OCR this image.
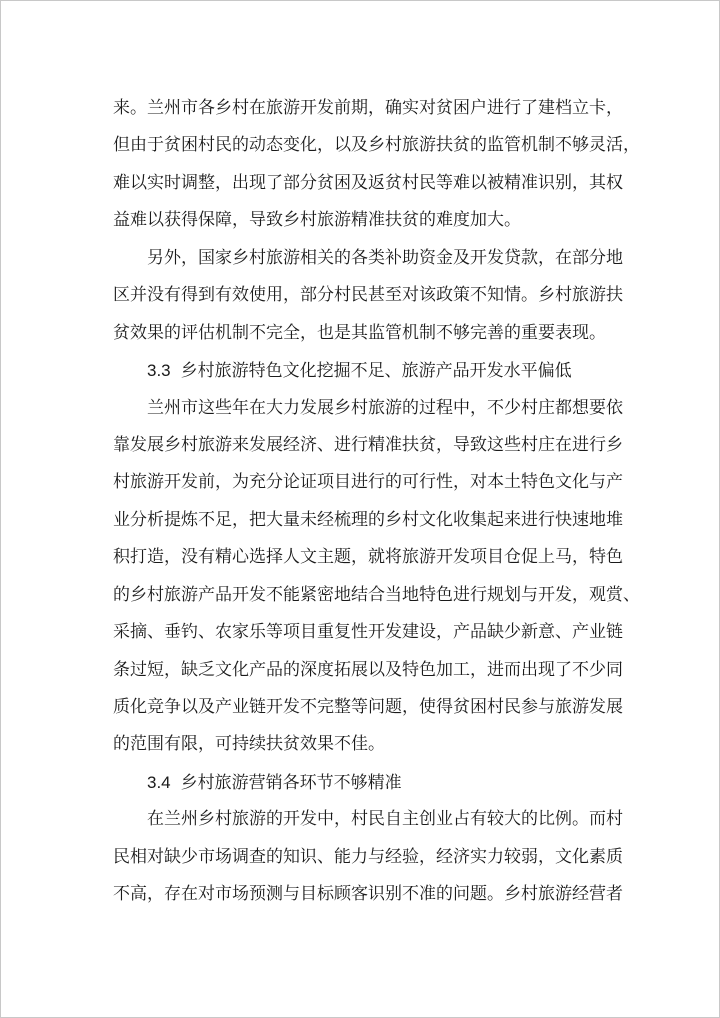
来。兰州市各乡村在旅游开发前期，确实对贫困户进行了建档立卡，
但由于贫困村民的动态变化，以及乡村旅游扶贫的监管机制不够灵活，
难以实时调整，出现了部分贫困及返贫村民等难以被精准识别，其权
益难以获得保障，导致乡村旅游精准扶贫的难度加大。

另外，国家乡村旅游相关的各类补助资金及开发贷款，在部分地
区并没有得到有效使用，部分村民甚至对该政策不知情。乡村旅游扶
贫效果的评估机制不完全，也是其监管机制不够完善的重要表现。

3.3 乡村旅游特色文化挖掘不足、旅游产品开发水平偏低

兰州市这些年在大力发展乡村旅游的过程中，不少村庄都想要依
靠发展乡村旅游来发展经济、进行精准扶贫，导致这些村庄在进行乡
村旅游开发前，为充分论证项目进行的可行性，对本土特色文化与产
业分析提炼不足，把大量未经梳理的乡村文化收集起来进行快速地堆
积打造，没有精心选择人文主题，就将旅游开发项目仓促上马，特色
的乡村旅游产品开发不能紧密地结合当地特色进行规划与开发，观赏、
采摘、垂钓、农家乐等项目重复性开发建设，产品缺少新意、产业链
条过短，缺乏文化产品的深度拓展以及特色加工，进而出现了不少同
质化竞争以及产业链开发不完整等问题，使得贫困村民参与旅游发展
的范围有限，可持续扶贫效果不佳。

3.4 乡村旅游营销各环节不够精准

在兰州乡村旅游的开发中，村民自主创业占有较大的比例。而村
民相对缺少市场调查的知识、能力与经验，经济实力较弱，文化素质
不高，存在对市场预测与目标顾客识别不准的问题。乡村旅游经营者
